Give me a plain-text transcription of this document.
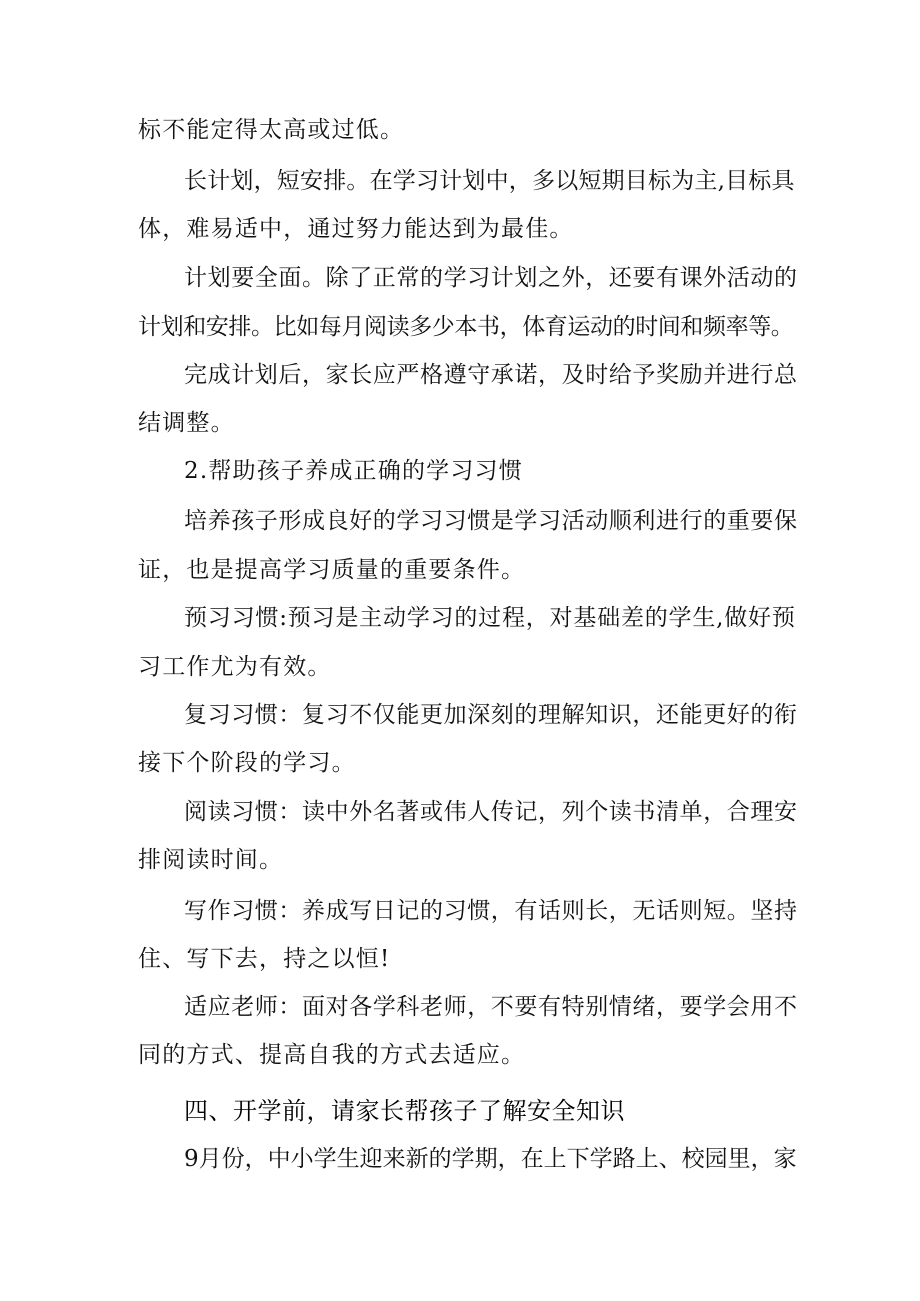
标不能定得太高或过低。

长计划，短安排。在学习计划中，多以短期目标为主,目标具

体，难易适中，通过努力能达到为最佳。

计划要全面。除了正常的学习计划之外，还要有课外活动的

计划和安排。比如每月阅读多少本书，体育运动的时间和频率等。

完成计划后，家长应严格遵守承诺，及时给予奖励并进行总

结调整。

2.帮助孩子养成正确的学习习惯

培养孩子形成良好的学习习惯是学习活动顺利进行的重要保

证，也是提高学习质量的重要条件。

预习习惯:预习是主动学习的过程，对基础差的学生,做好预

习工作尤为有效。

复习习惯：复习不仅能更加深刻的理解知识，还能更好的衔

接下个阶段的学习。

阅读习惯：读中外名著或伟人传记，列个读书清单，合理安

排阅读时间。

写作习惯：养成写日记的习惯，有话则长，无话则短。坚持

住、写下去，持之以恒!

适应老师：面对各学科老师，不要有特别情绪，要学会用不

同的方式、提高自我的方式去适应。

四、开学前，请家长帮孩子了解安全知识

9月份，中小学生迎来新的学期，在上下学路上、校园里，家
